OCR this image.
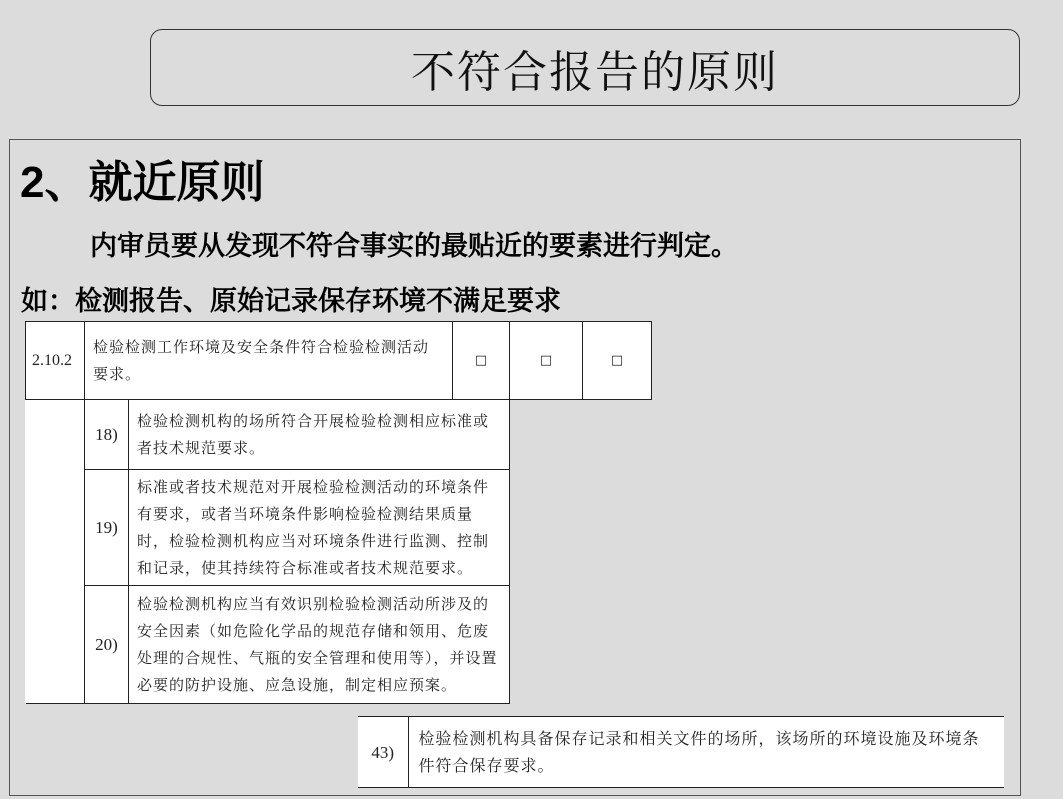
不符合报告的原则
2、就近原则
内审员要从发现不符合事实的最贴近的要素进行判定。
如：检测报告、原始记录保存环境不满足要求
2.10.2	检验检测工作环境及安全条件符合检验检测活动要求。		□	□	□
	18)	检验检测机构的场所符合开展检验检测相应标准或者技术规范要求。			
	19)	标准或者技术规范对开展检验检测活动的环境条件有要求，或者当环境条件影响检验检测结果质量时，检验检测机构应当对环境条件进行监测、控制和记录，使其持续符合标准或者技术规范要求。			
	20)	检验检测机构应当有效识别检验检测活动所涉及的安全因素（如危险化学品的规范存储和领用、危废处理的合规性、气瓶的安全管理和使用等），并设置必要的防护设施、应急设施，制定相应预案。			
43)	检验检测机构具备保存记录和相关文件的场所，该场所的环境设施及环境条件符合保存要求。
